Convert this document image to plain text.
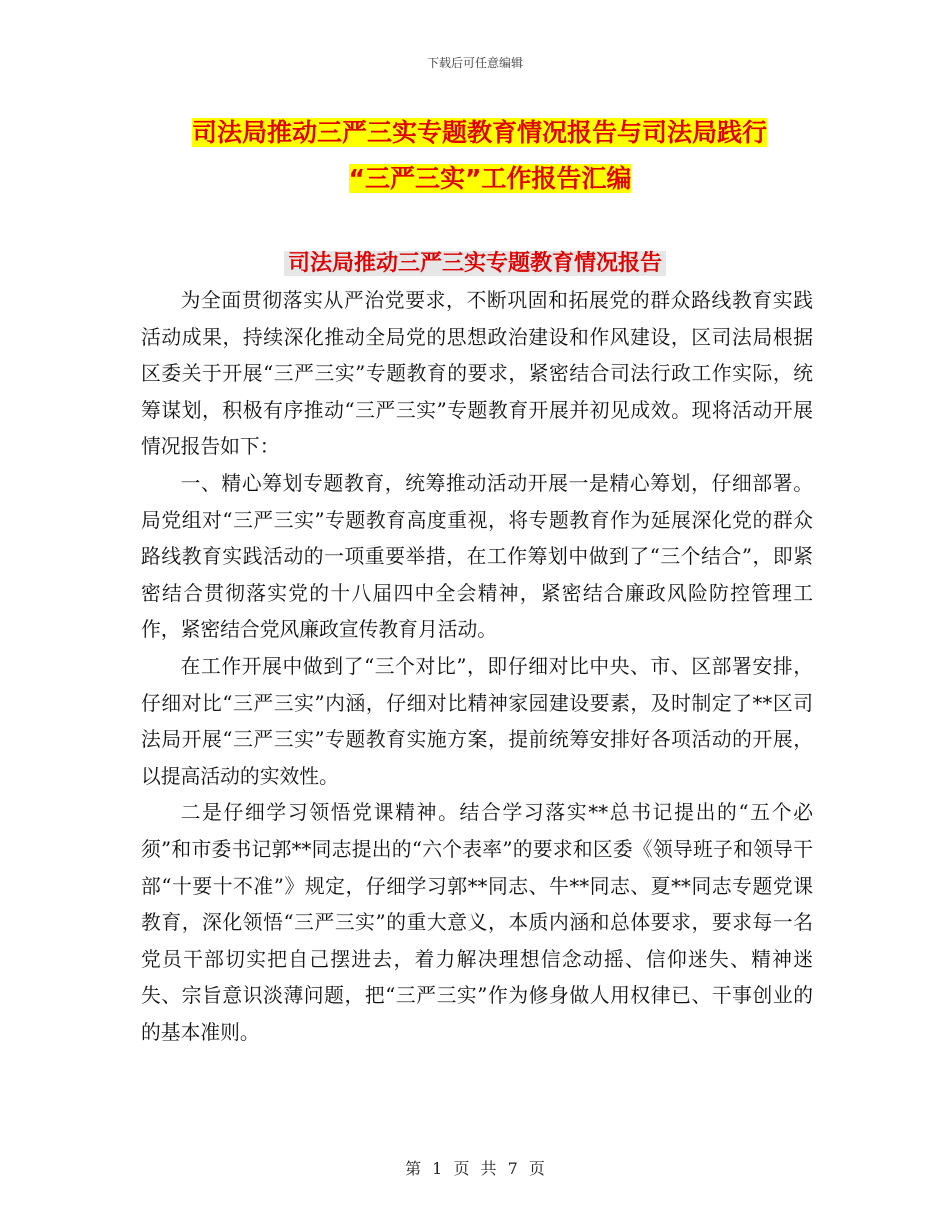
下载后可任意编辑
司法局推动三严三实专题教育情况报告与司法局践行
“三严三实”工作报告汇编
司法局推动三严三实专题教育情况报告

为全面贯彻落实从严治党要求，不断巩固和拓展党的群众路线教育实践活动成果，持续深化推动全局党的思想政治建设和作风建设，区司法局根据区委关于开展“三严三实”专题教育的要求，紧密结合司法行政工作实际，统筹谋划，积极有序推动“三严三实”专题教育开展并初见成效。现将活动开展情况报告如下：

一、精心筹划专题教育，统筹推动活动开展一是精心筹划，仔细部署。局党组对“三严三实”专题教育高度重视，将专题教育作为延展深化党的群众路线教育实践活动的一项重要举措，在工作筹划中做到了“三个结合”，即紧密结合贯彻落实党的十八届四中全会精神，紧密结合廉政风险防控管理工作，紧密结合党风廉政宣传教育月活动。

在工作开展中做到了“三个对比”，即仔细对比中央、市、区部署安排，仔细对比“三严三实”内涵，仔细对比精神家园建设要素，及时制定了**区司法局开展“三严三实”专题教育实施方案，提前统筹安排好各项活动的开展，以提高活动的实效性。

二是仔细学习领悟党课精神。结合学习落实**总书记提出的“五个必须”和市委书记郭**同志提出的“六个表率”的要求和区委《领导班子和领导干部“十要十不准”》规定，仔细学习郭**同志、牛**同志、夏**同志专题党课教育，深化领悟“三严三实”的重大意义，本质内涵和总体要求，要求每一名党员干部切实把自己摆进去，着力解决理想信念动摇、信仰迷失、精神迷失、宗旨意识淡薄问题，把“三严三实”作为修身做人用权律已、干事创业的的基本准则。

第 1 页 共 7 页
